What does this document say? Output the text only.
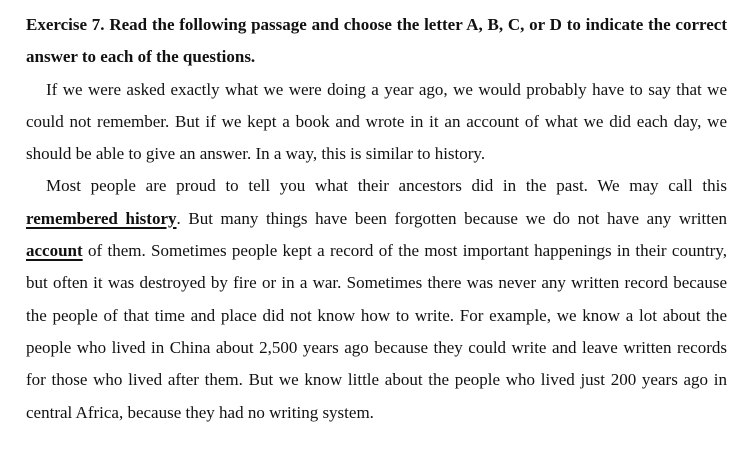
Exercise 7. Read the following passage and choose the letter A, B, C, or D to indicate the correct answer to each of the questions.

If we were asked exactly what we were doing a year ago, we would probably have to say that we could not remember. But if we kept a book and wrote in it an account of what we did each day, we should be able to give an answer. In a way, this is similar to history.

Most people are proud to tell you what their ancestors did in the past. We may call this remembered history. But many things have been forgotten because we do not have any written account of them. Sometimes people kept a record of the most important happenings in their country, but often it was destroyed by fire or in a war. Sometimes there was never any written record because the people of that time and place did not know how to write. For example, we know a lot about the people who lived in China about 2,500 years ago because they could write and leave written records for those who lived after them. But we know little about the people who lived just 200 years ago in central Africa, because they had no writing system.
